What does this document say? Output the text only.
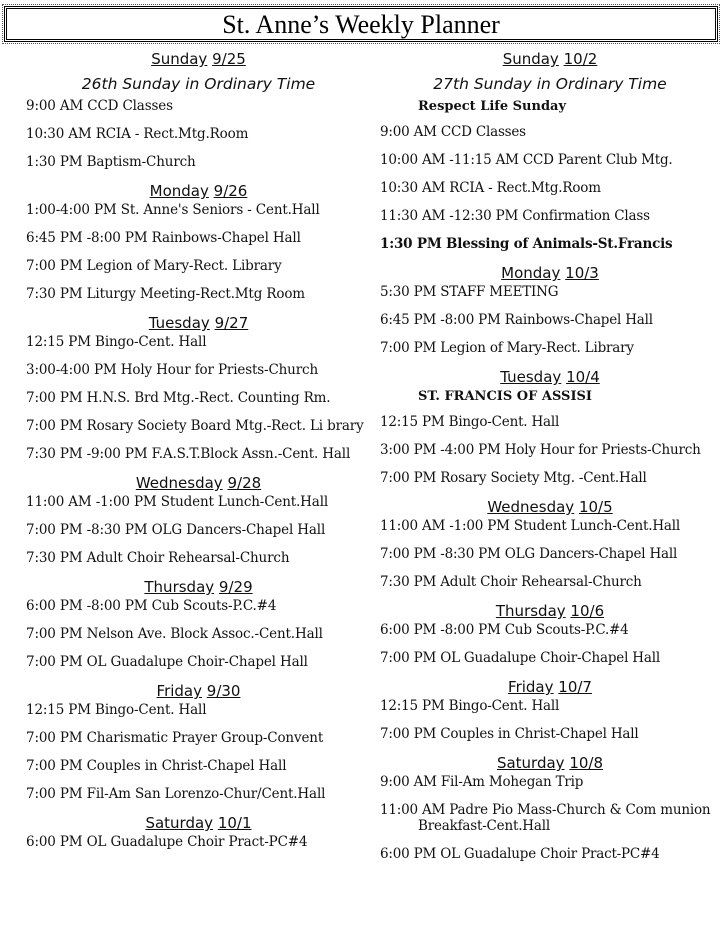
St. Anne’s Weekly Planner
Sunday 9/25
26th Sunday in Ordinary Time
9:00 AM CCD Classes
10:30 AM RCIA - Rect.Mtg.Room
1:30 PM Baptism-Church
Monday 9/26
1:00-4:00 PM St. Anne's Seniors - Cent.Hall
6:45 PM -8:00 PM Rainbows-Chapel Hall
7:00 PM Legion of Mary-Rect. Library
7:30 PM Liturgy Meeting-Rect.Mtg Room
Tuesday 9/27
12:15 PM Bingo-Cent. Hall
3:00-4:00 PM Holy Hour for Priests-Church
7:00 PM H.N.S. Brd Mtg.-Rect. Counting Rm.
7:00 PM Rosary Society Board Mtg.-Rect. Li brary
7:30 PM -9:00 PM F.A.S.T.Block Assn.-Cent. Hall
Wednesday 9/28
11:00 AM -1:00 PM Student Lunch-Cent.Hall
7:00 PM -8:30 PM OLG Dancers-Chapel Hall
7:30 PM Adult Choir Rehearsal-Church
Thursday 9/29
6:00 PM -8:00 PM Cub Scouts-P.C.#4
7:00 PM Nelson Ave. Block Assoc.-Cent.Hall
7:00 PM OL Guadalupe Choir-Chapel Hall
Friday 9/30
12:15 PM Bingo-Cent. Hall
7:00 PM Charismatic Prayer Group-Convent
7:00 PM Couples in Christ-Chapel Hall
7:00 PM Fil-Am San Lorenzo-Chur/Cent.Hall
Saturday 10/1
6:00 PM OL Guadalupe Choir Pract-PC#4
Sunday 10/2
27th Sunday in Ordinary Time
Respect Life Sunday
9:00 AM CCD Classes
10:00 AM -11:15 AM CCD Parent Club Mtg.
10:30 AM RCIA - Rect.Mtg.Room
11:30 AM -12:30 PM Confirmation Class
1:30 PM Blessing of Animals-St.Francis
Monday 10/3
5:30 PM STAFF MEETING
6:45 PM -8:00 PM Rainbows-Chapel Hall
7:00 PM Legion of Mary-Rect. Library
Tuesday 10/4
ST. FRANCIS OF ASSISI
12:15 PM Bingo-Cent. Hall
3:00 PM -4:00 PM Holy Hour for Priests-Church
7:00 PM Rosary Society Mtg. -Cent.Hall
Wednesday 10/5
11:00 AM -1:00 PM Student Lunch-Cent.Hall
7:00 PM -8:30 PM OLG Dancers-Chapel Hall
7:30 PM Adult Choir Rehearsal-Church
Thursday 10/6
6:00 PM -8:00 PM Cub Scouts-P.C.#4
7:00 PM OL Guadalupe Choir-Chapel Hall
Friday 10/7
12:15 PM Bingo-Cent. Hall
7:00 PM Couples in Christ-Chapel Hall
Saturday 10/8
9:00 AM Fil-Am Mohegan Trip
11:00 AM Padre Pio Mass-Church & Com munion Breakfast-Cent.Hall
6:00 PM OL Guadalupe Choir Pract-PC#4
